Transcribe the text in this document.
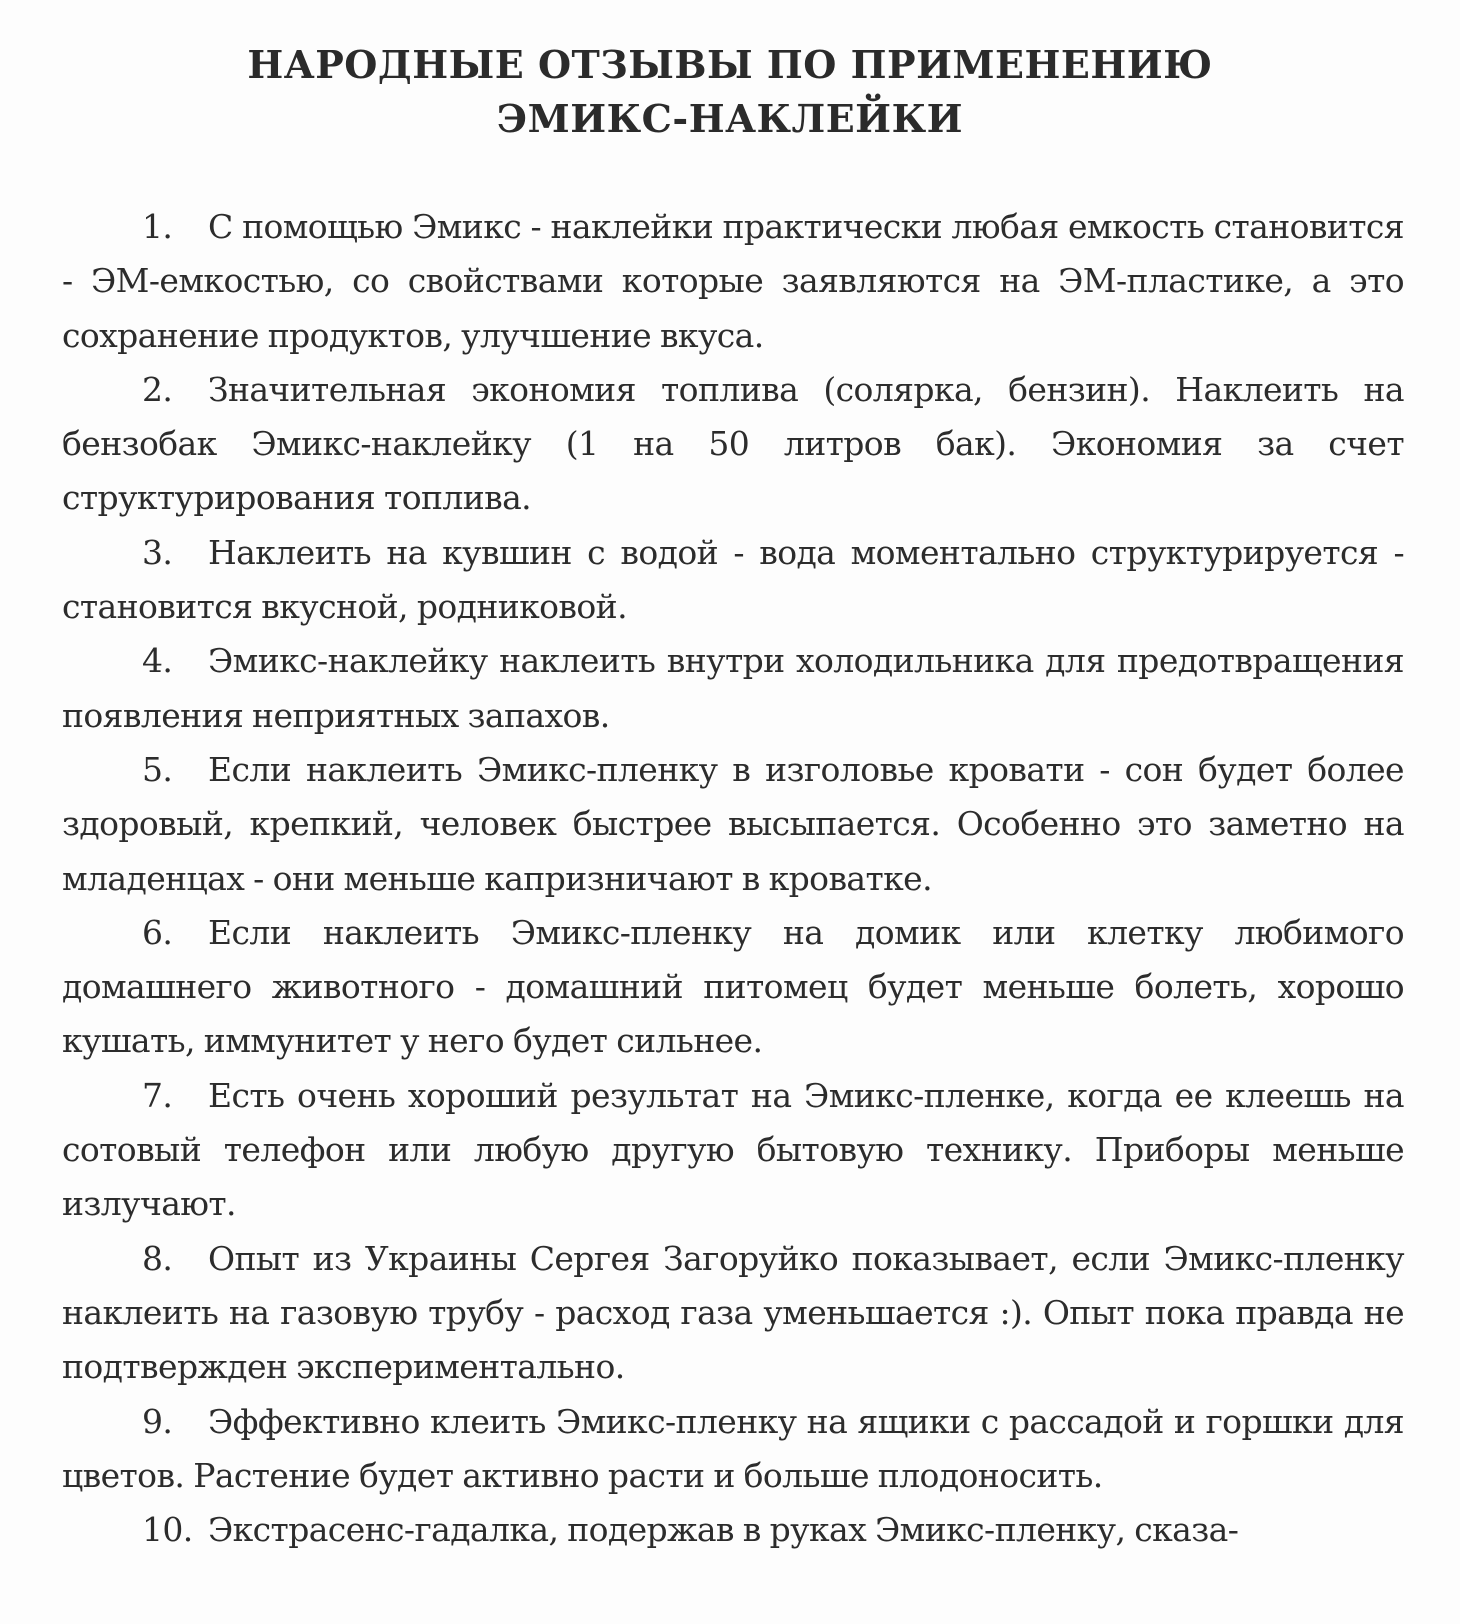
НАРОДНЫЕ ОТЗЫВЫ ПО ПРИМЕНЕНИЮ
ЭМИКС-НАКЛЕЙКИ

1. С помощью Эмикс - наклейки практически любая емкость становится - ЭМ-емкостью, со свойствами которые заявляются на ЭМ-пластике, а это сохранение продуктов, улучшение вкуса.

2. Значительная экономия топлива (солярка, бензин). Наклеить на бензобак Эмикс-наклейку (1 на 50 литров бак). Экономия за счет структурирования топлива.

3. Наклеить на кувшин с водой - вода моментально структурируется - становится вкусной, родниковой.

4. Эмикс-наклейку наклеить внутри холодильника для предотвращения появления неприятных запахов.

5. Если наклеить Эмикс-пленку в изголовье кровати - сон будет более здоровый, крепкий, человек быстрее высыпается. Особенно это заметно на младенцах - они меньше капризничают в кроватке.

6. Если наклеить Эмикс-пленку на домик или клетку любимого домашнего животного - домашний питомец будет меньше болеть, хорошо кушать, иммунитет у него будет сильнее.

7. Есть очень хороший результат на Эмикс-пленке, когда ее клеешь на сотовый телефон или любую другую бытовую технику. Приборы меньше излучают.

8. Опыт из Украины Сергея Загоруйко показывает, если Эмикс-пленку наклеить на газовую трубу - расход газа уменьшается :). Опыт пока правда не подтвержден экспериментально.

9. Эффективно клеить Эмикс-пленку на ящики с рассадой и горшки для цветов. Растение будет активно расти и больше плодоносить.

10. Экстрасенс-гадалка, подержав в руках Эмикс-пленку, сказа-
